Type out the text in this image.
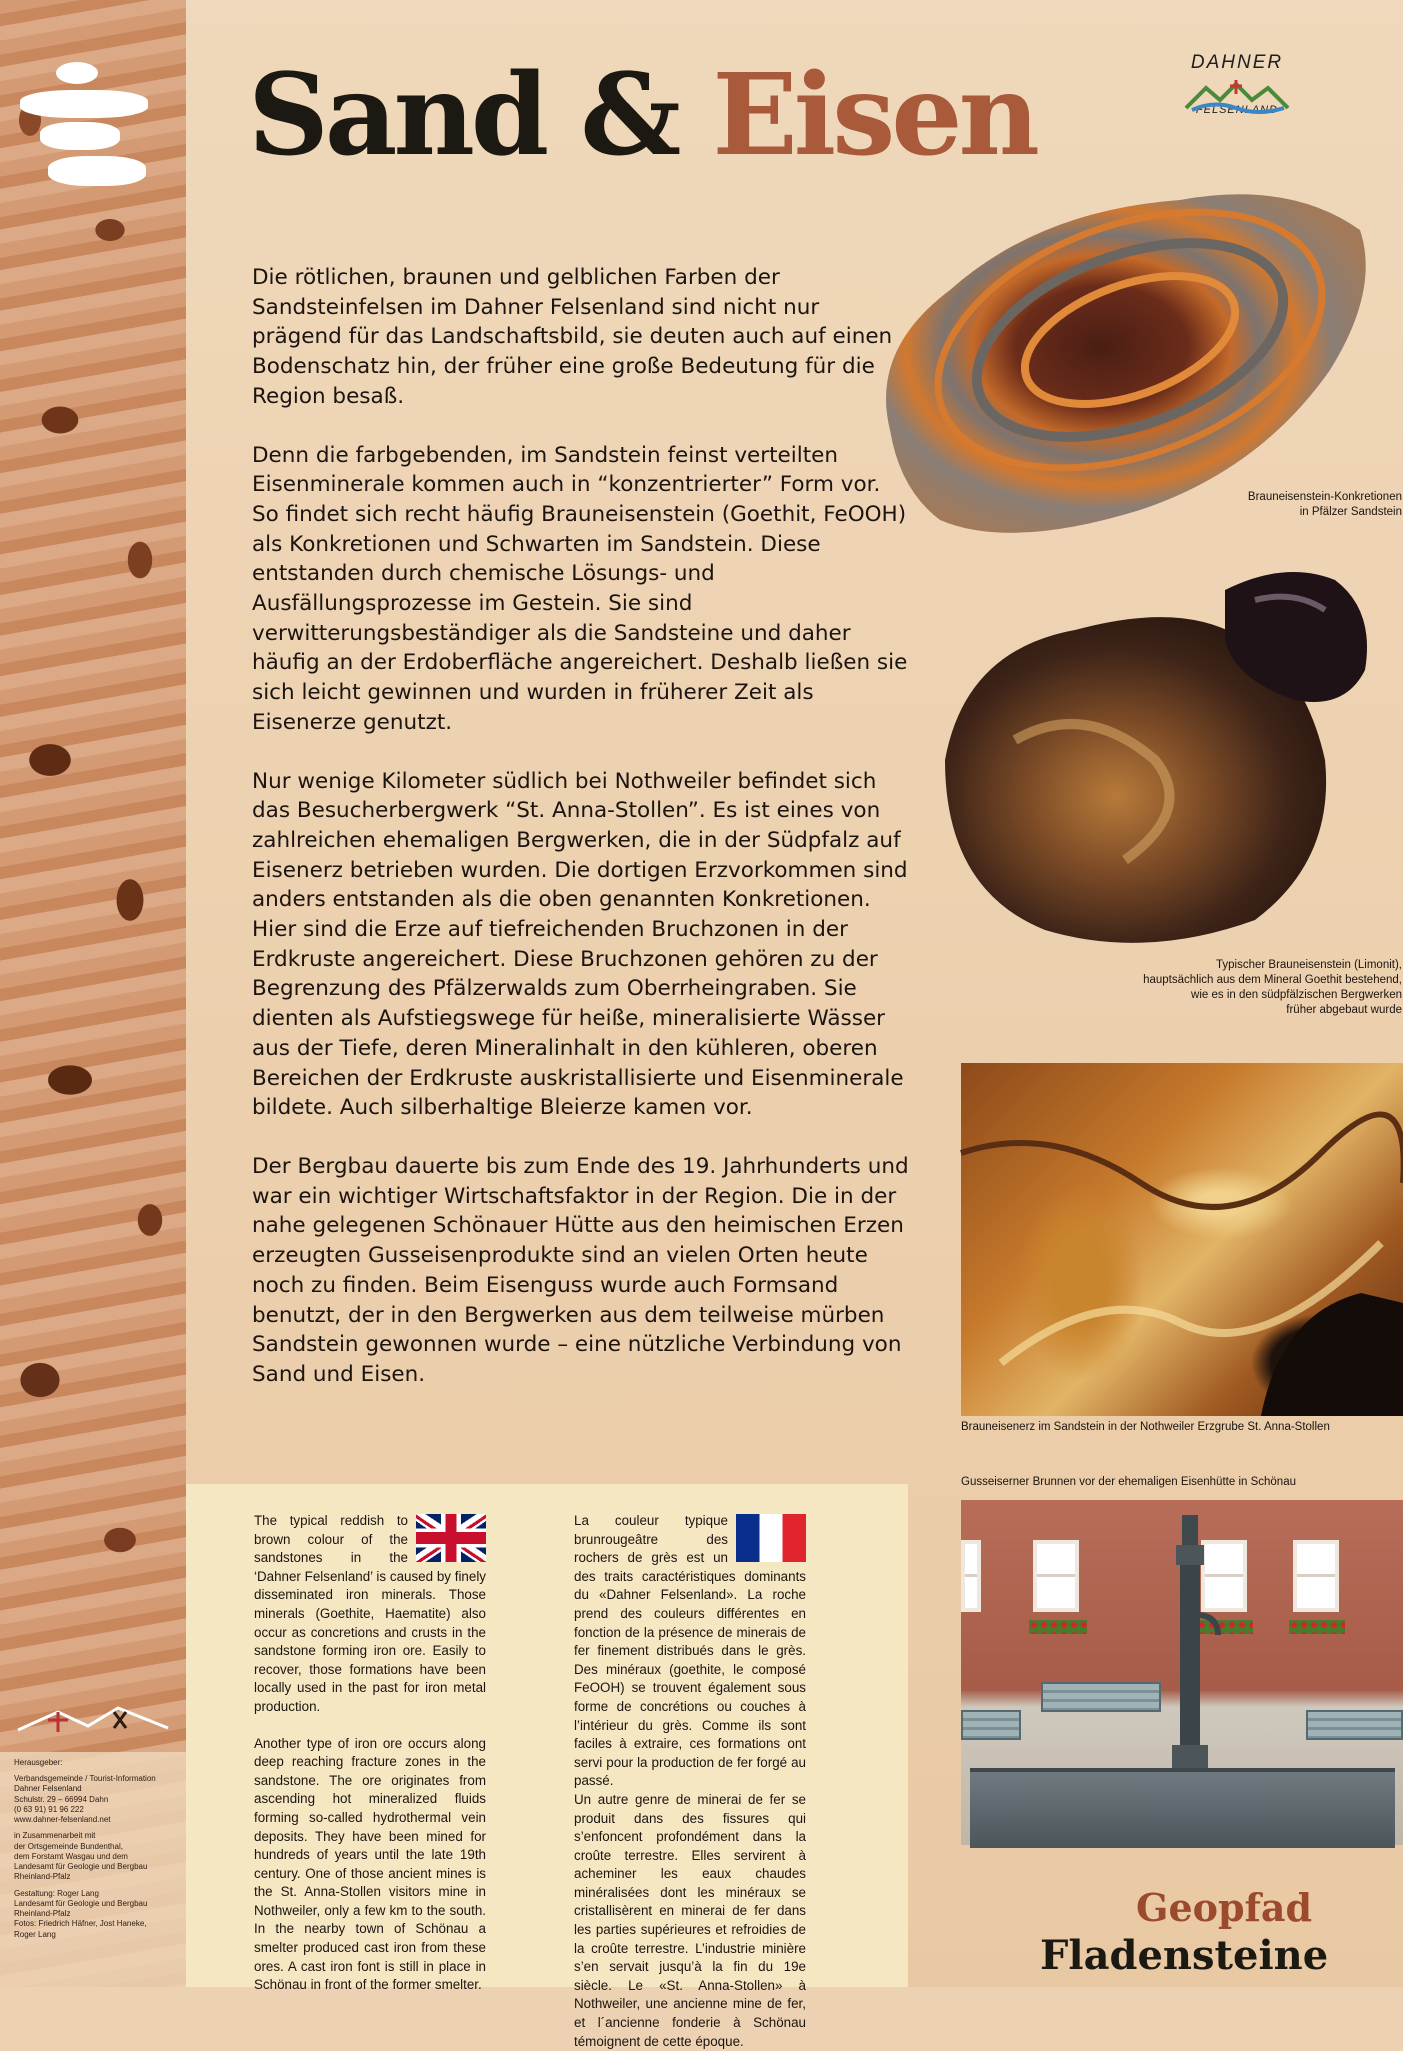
Herausgeber:

Verbandsgemeinde / Tourist-Information
Dahner Felsenland
Schulstr. 29 – 66994 Dahn
(0 63 91) 91 96 222
www.dahner-felsenland.net

in Zusammenarbeit mit
der Ortsgemeinde Bundenthal,
dem Forstamt Wasgau und dem
Landesamt für Geologie und Bergbau
Rheinland-Pfalz

Gestaltung: Roger Lang
Landesamt für Geologie und Bergbau
Rheinland-Pfalz
Fotos: Friedrich Häfner, Jost Haneke,
Roger Lang

Sand & Eisen	DAHNER
FELSENLAND

Die rötlichen, braunen und gelblichen Farben der Sandsteinfelsen im Dahner Felsenland sind nicht nur prägend für das Landschaftsbild, sie deuten auch auf einen Bodenschatz hin, der früher eine große Bedeutung für die Region besaß.

Denn die farbgebenden, im Sandstein feinst verteilten Eisenminerale kommen auch in “konzentrierter” Form vor. So findet sich recht häufig Brauneisenstein (Goethit, FeOOH) als Konkretionen und Schwarten im Sandstein. Diese entstanden durch chemische Lösungs- und Ausfällungsprozesse im Gestein. Sie sind verwitterungsbeständiger als die Sandsteine und daher häufig an der Erdoberfläche angereichert. Deshalb ließen sie sich leicht gewinnen und wurden in früherer Zeit als Eisenerze genutzt.

Nur wenige Kilometer südlich bei Nothweiler befindet sich das Besucherbergwerk “St. Anna-Stollen”. Es ist eines von zahlreichen ehemaligen Bergwerken, die in der Südpfalz auf Eisenerz betrieben wurden. Die dortigen Erzvorkommen sind anders entstanden als die oben genannten Konkretionen. Hier sind die Erze auf tiefreichenden Bruchzonen in der Erdkruste angereichert. Diese Bruchzonen gehören zu der Begrenzung des Pfälzerwalds zum Oberrheingraben. Sie dienten als Aufstiegswege für heiße, mineralisierte Wässer aus der Tiefe, deren Mineralinhalt in den kühleren, oberen Bereichen der Erdkruste auskristallisierte und Eisenminerale bildete. Auch silberhaltige Bleierze kamen vor.

Der Bergbau dauerte bis zum Ende des 19. Jahrhunderts und war ein wichtiger Wirtschaftsfaktor in der Region. Die in der nahe gelegenen Schönauer Hütte aus den heimischen Erzen erzeugten Gusseisenprodukte sind an vielen Orten heute noch zu finden. Beim Eisenguss wurde auch Formsand benutzt, der in den Bergwerken aus dem teilweise mürben Sandstein gewonnen wurde – eine nützliche Verbindung von Sand und Eisen.

Brauneisenstein-Konkretionen
in Pfälzer Sandstein
Typischer Brauneisenstein (Limonit),
hauptsächlich aus dem Mineral Goethit bestehend,
wie es in den südpfälzischen Bergwerken
früher abgebaut wurde
Brauneisenerz im Sandstein in der Nothweiler Erzgrube St. Anna-Stollen
Gusseiserner Brunnen vor der ehemaligen Eisenhütte in Schönau

The typical reddish to brown colour of the sandstones in the ‘Dahner Felsenland’ is caused by finely disseminated iron minerals. Those minerals (Goethite, Haematite) also occur as concretions and crusts in the sandstone forming iron ore. Easily to recover, those formations have been locally used in the past for iron metal production.

Another type of iron ore occurs along deep reaching fracture zones in the sandstone. The ore originates from ascending hot mineralized fluids forming so-called hydrothermal vein deposits. They have been mined for hundreds of years until the late 19th century. One of those ancient mines is the St. Anna-Stollen visitors mine in Nothweiler, only a few km to the south. In the nearby town of Schönau a smelter produced cast iron from these ores. A cast iron font is still in place in Schönau in front of the former smelter.

La couleur typique brunrougeâtre des rochers de grès est un des traits caractéristiques dominants du «Dahner Felsenland». La roche prend des couleurs différentes en fonction de la présence de minerais de fer finement distribués dans le grès. Des minéraux (goethite, le composé FeOOH) se trouvent également sous forme de concrétions ou couches à l’intérieur du grès. Comme ils sont faciles à extraire, ces formations ont servi pour la production de fer forgé au passé.

Un autre genre de minerai de fer se produit dans des fissures qui s’enfoncent profondément dans la croûte terrestre. Elles servirent à acheminer les eaux chaudes minéralisées dont les minéraux se cristallisèrent en minerai de fer dans les parties supérieures et refroidies de la croûte terrestre. L’industrie minière s’en servait jusqu’à la fin du 19e siècle. Le «St. Anna-Stollen» à Nothweiler, une ancienne mine de fer, et l´ancienne fonderie à Schönau témoignent de cette époque.

Geopfad
Fladensteine
